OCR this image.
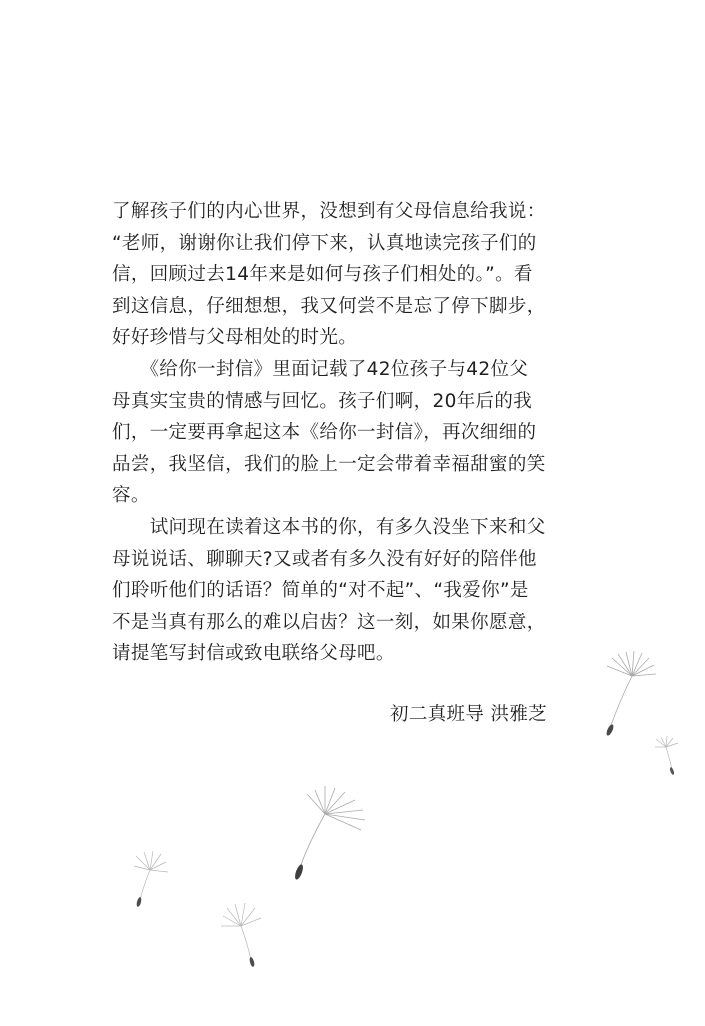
了解孩子们的内心世界，没想到有父母信息给我说：
“老师，谢谢你让我们停下来，认真地读完孩子们的
信，回顾过去14年来是如何与孩子们相处的。”。看
到这信息，仔细想想，我又何尝不是忘了停下脚步，
好好珍惜与父母相处的时光。
　　《给你一封信》里面记载了42位孩子与42位父
母真实宝贵的情感与回忆。孩子们啊，20年后的我
们，一定要再拿起这本《给你一封信》，再次细细的
品尝，我坚信，我们的脸上一定会带着幸福甜蜜的笑
容。
　　试问现在读着这本书的你，有多久没坐下来和父
母说说话、聊聊天?又或者有多久没有好好的陪伴他
们聆听他们的话语？简单的“对不起”、“我爱你”是
不是当真有那么的难以启齿？这一刻，如果你愿意，
请提笔写封信或致电联络父母吧。
初二真班导 洪雅芝
